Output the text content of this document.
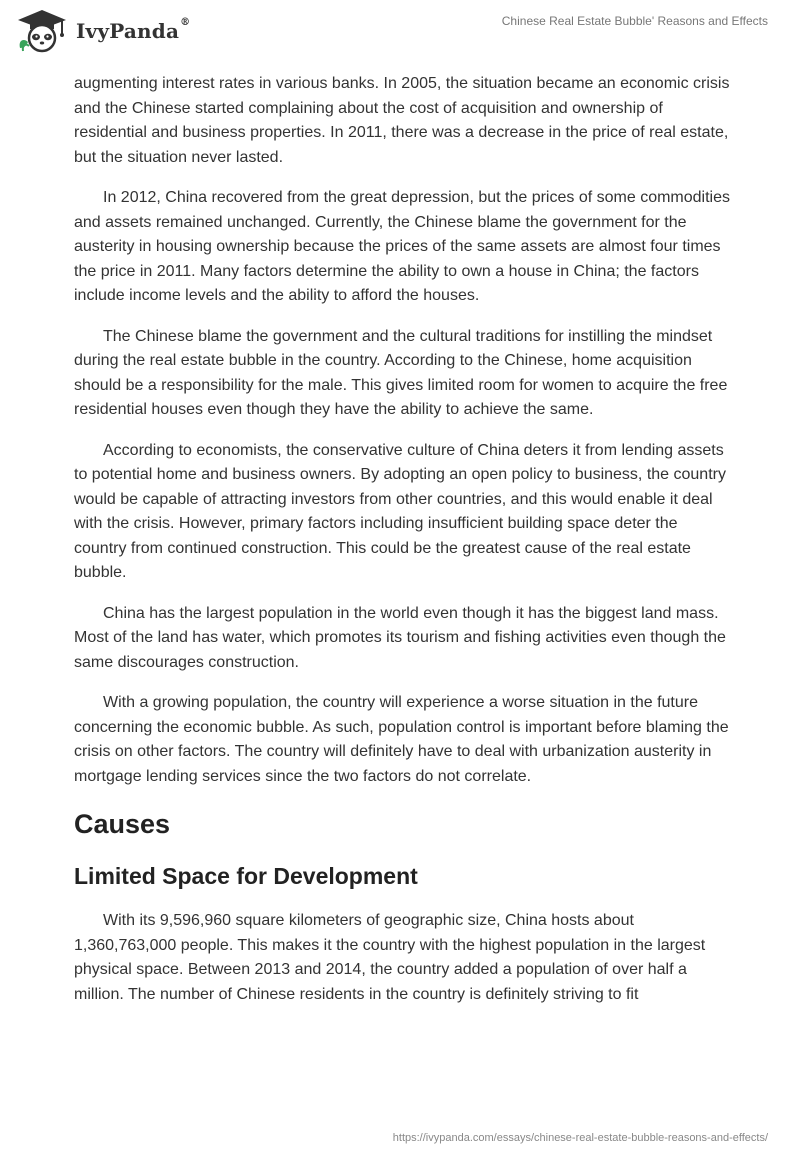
IvyPanda®	Chinese Real Estate Bubble' Reasons and Effects

augmenting interest rates in various banks. In 2005, the situation became an economic crisis and the Chinese started complaining about the cost of acquisition and ownership of residential and business properties. In 2011, there was a decrease in the price of real estate, but the situation never lasted.

In 2012, China recovered from the great depression, but the prices of some commodities and assets remained unchanged. Currently, the Chinese blame the government for the austerity in housing ownership because the prices of the same assets are almost four times the price in 2011. Many factors determine the ability to own a house in China; the factors include income levels and the ability to afford the houses.

The Chinese blame the government and the cultural traditions for instilling the mindset during the real estate bubble in the country. According to the Chinese, home acquisition should be a responsibility for the male. This gives limited room for women to acquire the free residential houses even though they have the ability to achieve the same.

According to economists, the conservative culture of China deters it from lending assets to potential home and business owners. By adopting an open policy to business, the country would be capable of attracting investors from other countries, and this would enable it deal with the crisis. However, primary factors including insufficient building space deter the country from continued construction. This could be the greatest cause of the real estate bubble.

China has the largest population in the world even though it has the biggest land mass. Most of the land has water, which promotes its tourism and fishing activities even though the same discourages construction.

With a growing population, the country will experience a worse situation in the future concerning the economic bubble. As such, population control is important before blaming the crisis on other factors. The country will definitely have to deal with urbanization austerity in mortgage lending services since the two factors do not correlate.

Causes
Limited Space for Development

With its 9,596,960 square kilometers of geographic size, China hosts about 1,360,763,000 people. This makes it the country with the highest population in the largest physical space. Between 2013 and 2014, the country added a population of over half a million. The number of Chinese residents in the country is definitely striving to fit

https://ivypanda.com/essays/chinese-real-estate-bubble-reasons-and-effects/
